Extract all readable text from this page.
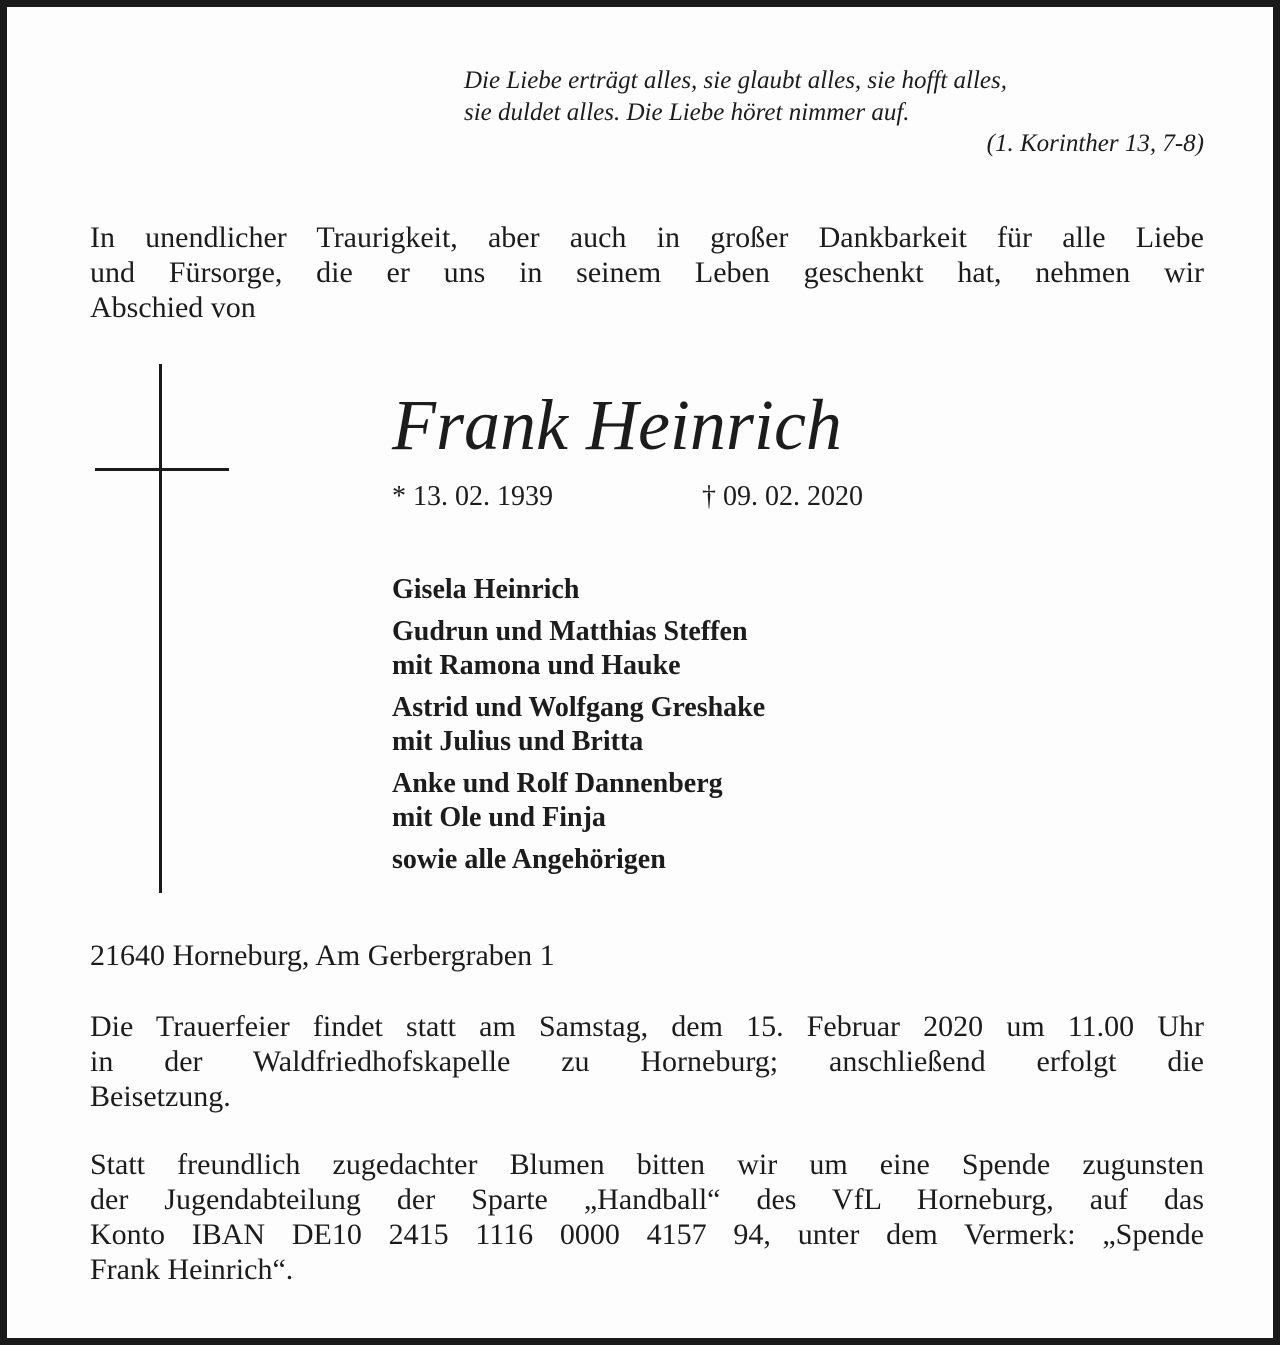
Die Liebe erträgt alles, sie glaubt alles, sie hofft alles,
sie duldet alles. Die Liebe höret nimmer auf.
(1. Korinther 13, 7-8)
In unendlicher Traurigkeit, aber auch in großer Dankbarkeit für alle Liebe
und Fürsorge, die er uns in seinem Leben geschenkt hat, nehmen wir
Abschied von
Frank Heinrich
* 13. 02. 1939	† 09. 02. 2020
Gisela Heinrich
Gudrun und Matthias Steffen
mit Ramona und Hauke
Astrid und Wolfgang Greshake
mit Julius und Britta
Anke und Rolf Dannenberg
mit Ole und Finja
sowie alle Angehörigen
21640 Horneburg, Am Gerbergraben 1
Die Trauerfeier findet statt am Samstag, dem 15. Februar 2020 um 11.00 Uhr
in der Waldfriedhofskapelle zu Horneburg; anschließend erfolgt die
Beisetzung.
Statt freundlich zugedachter Blumen bitten wir um eine Spende zugunsten
der Jugendabteilung der Sparte „Handball“ des VfL Horneburg, auf das
Konto IBAN DE10 2415 1116 0000 4157 94, unter dem Vermerk: „Spende
Frank Heinrich“.
